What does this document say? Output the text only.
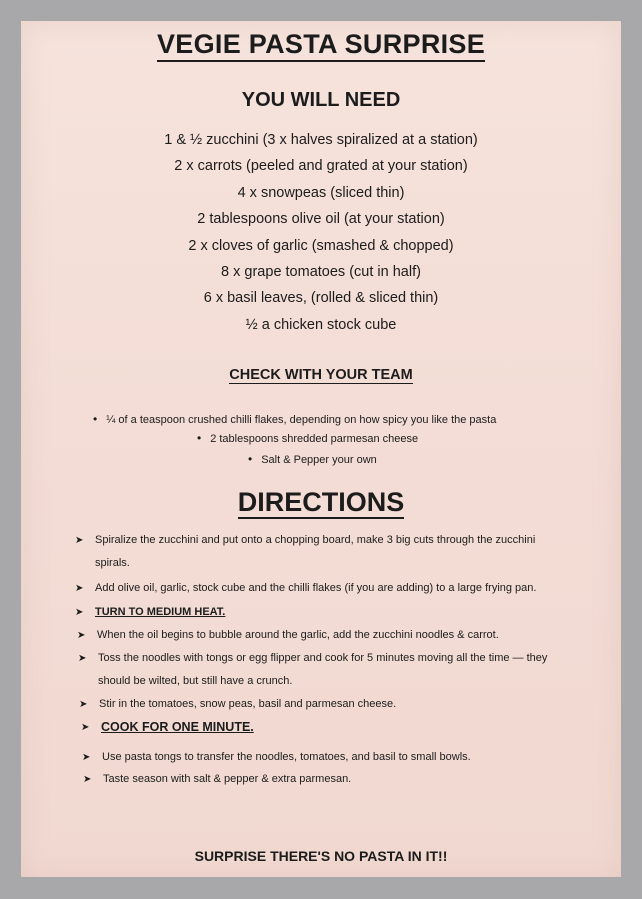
VEGIE PASTA SURPRISE
YOU WILL NEED
1 & ½ zucchini (3 x halves spiralized at a station)
2 x carrots (peeled and grated at your station)
4 x snowpeas (sliced thin)
2 tablespoons olive oil (at your station)
2 x cloves of garlic (smashed & chopped)
8 x grape tomatoes (cut in half)
6 x basil leaves, (rolled & sliced thin)
½ a chicken stock cube
CHECK WITH YOUR TEAM
• ¼ of a teaspoon crushed chilli flakes, depending on how spicy you like the pasta
• 2 tablespoons shredded parmesan cheese
• Salt & Pepper your own
DIRECTIONS
➤ Spiralize the zucchini and put onto a chopping board, make 3 big cuts through the zucchini
spirals.
➤ Add olive oil, garlic, stock cube and the chilli flakes (if you are adding) to a large frying pan.
➤ TURN TO MEDIUM HEAT.
➤ When the oil begins to bubble around the garlic, add the zucchini noodles & carrot.
➤ Toss the noodles with tongs or egg flipper and cook for 5 minutes moving all the time — they
should be wilted, but still have a crunch.
➤ Stir in the tomatoes, snow peas, basil and parmesan cheese.
➤ COOK FOR ONE MINUTE.
➤ Use pasta tongs to transfer the noodles, tomatoes, and basil to small bowls.
➤ Taste season with salt & pepper & extra parmesan.
SURPRISE THERE'S NO PASTA IN IT!!
